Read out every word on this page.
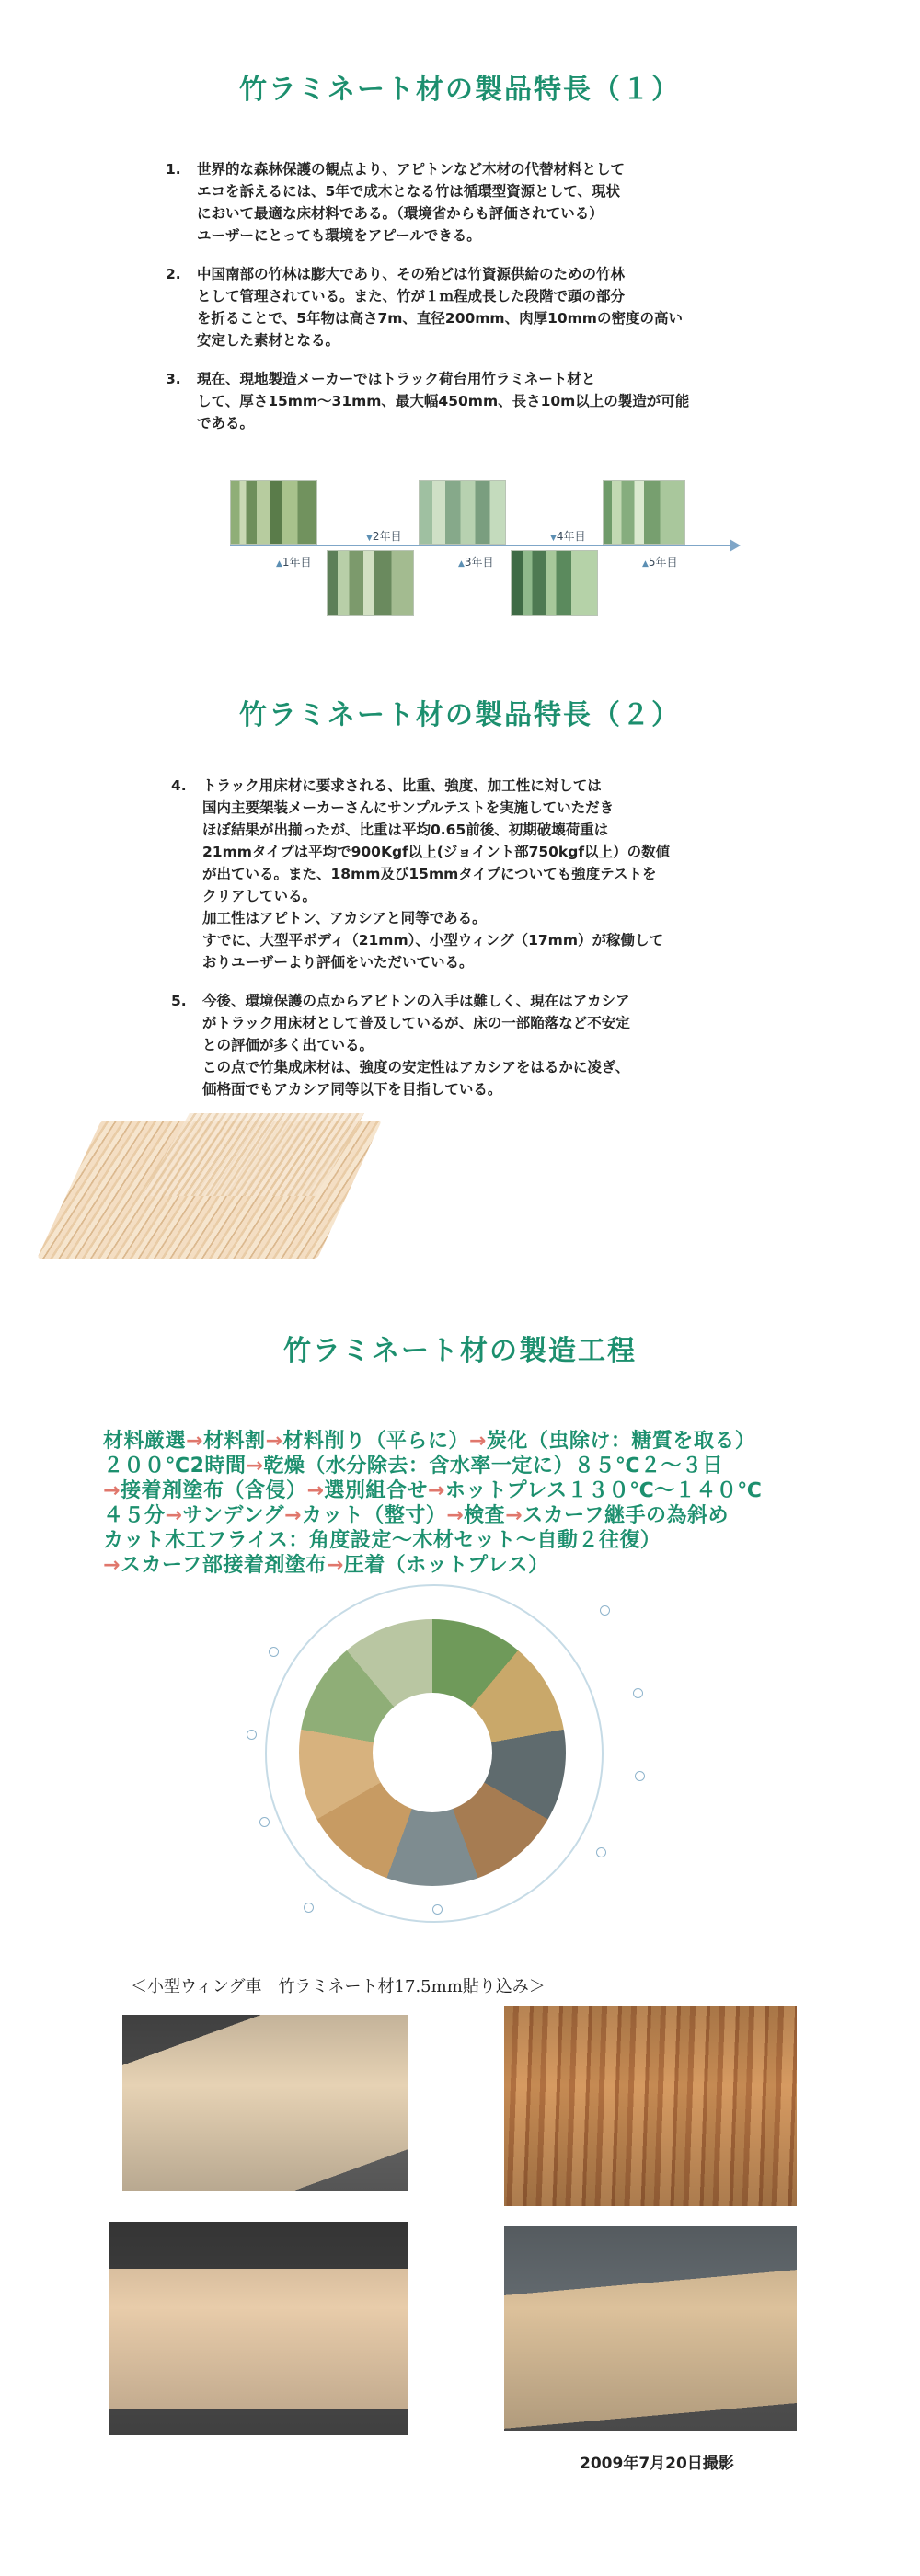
竹ラミネート材の製品特長（１）
1. 世界的な森林保護の観点より、アピトンなど木材の代替材料として
エコを訴えるには、5年で成木となる竹は循環型資源として、現状
において最適な床材料である。（環境省からも評価されている）
ユーザーにとっても環境をアピールできる。
2. 中国南部の竹林は膨大であり、その殆どは竹資源供給のための竹林
として管理されている。また、竹が１ｍ程成長した段階で頭の部分
を折ることで、5年物は高さ7m、直径200mm、肉厚10mmの密度の高い
安定した素材となる。
3. 現在、現地製造メーカーではトラック荷台用竹ラミネート材と
して、厚さ15mm～31mm、最大幅450mm、長さ10m以上の製造が可能
である。
▲1年目
▼2年目
▲3年目
▼4年目
▲5年目
竹ラミネート材の製品特長（２）
4. トラック用床材に要求される、比重、強度、加工性に対しては
国内主要架装メーカーさんにサンプルテストを実施していただき
ほぼ結果が出揃ったが、比重は平均0.65前後、初期破壊荷重は
21mmタイプは平均で900Kgf以上(ジョイント部750kgf以上）の数値
が出ている。また、18mm及び15mmタイプについても強度テストを
クリアしている。
加工性はアピトン、アカシアと同等である。
すでに、大型平ボディ（21mm）、小型ウィング（17mm）が稼働して
おりユーザーより評価をいただいている。
5. 今後、環境保護の点からアピトンの入手は難しく、現在はアカシア
がトラック用床材として普及しているが、床の一部陥落など不安定
との評価が多く出ている。
この点で竹集成床材は、強度の安定性はアカシアをはるかに凌ぎ、
価格面でもアカシア同等以下を目指している。
竹ラミネート材の製造工程
材料厳選→材料割→材料削り（平らに）→炭化（虫除け：糖質を取る）
２００℃2時間→乾燥（水分除去：含水率一定に）８５℃２～３日
→接着剤塗布（含侵）→選別組合せ→ホットプレス１３０℃～１４０℃
４５分→サンデング→カット（整寸）→検査→スカーフ継手の為斜め
カット木工フライス：角度設定～木材セット～自動２往復）
→スカーフ部接着剤塗布→圧着（ホットプレス）
＜小型ウィング車　竹ラミネート材17.5mm貼り込み＞
2009年7月20日撮影
